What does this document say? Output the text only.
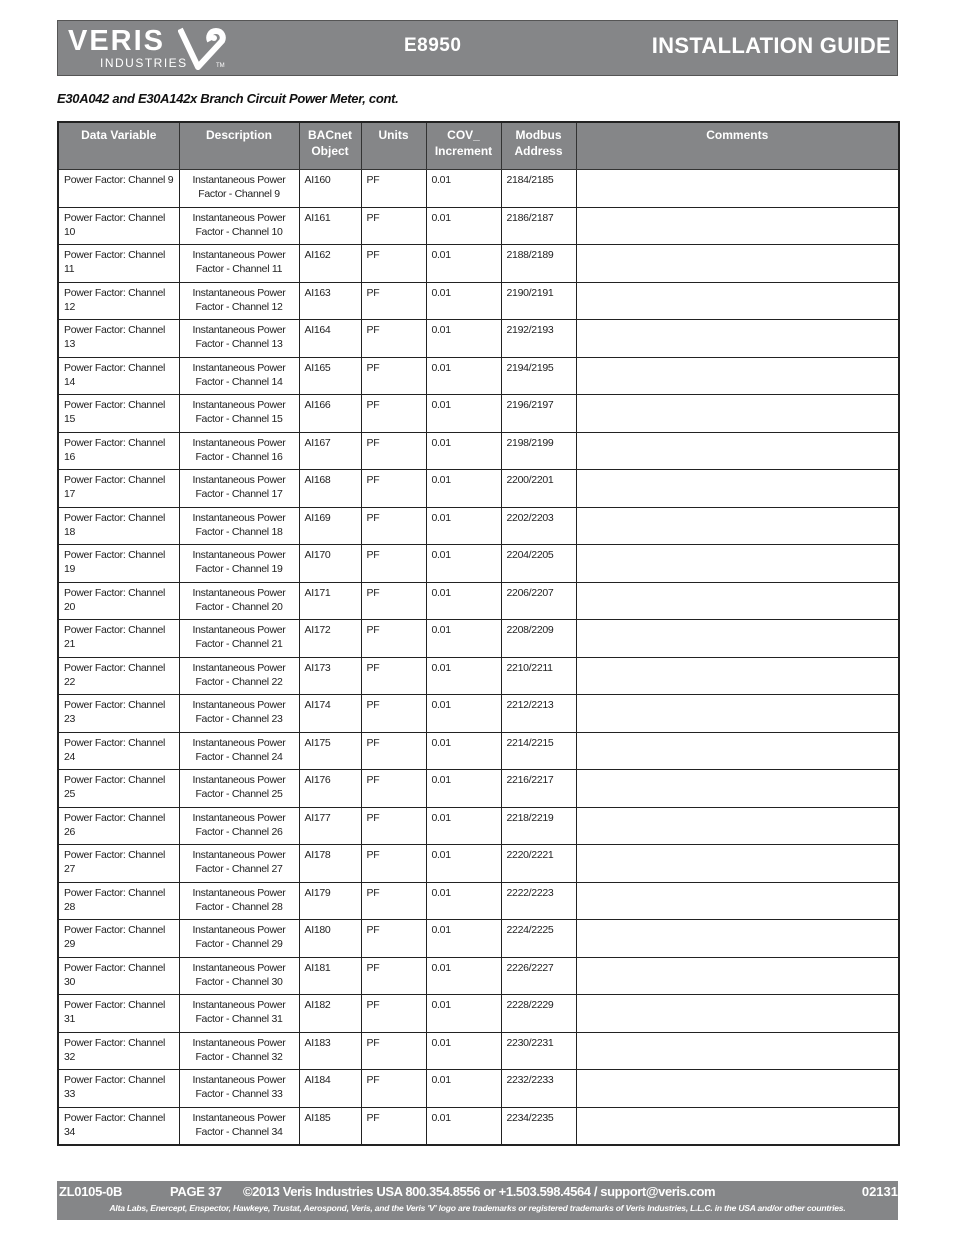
VERIS
INDUSTRIES	TM
E8950	INSTALLATION GUIDE
E30A042 and E30A142x Branch Circuit Power Meter, cont.
Data Variable	Description	BACnet Object	Units	COV_ Increment	Modbus Address	Comments
Power Factor: Channel 9	Instantaneous Power Factor - Channel 9	AI160	PF	0.01	2184/2185	
Power Factor: Channel 10	Instantaneous Power Factor - Channel 10	AI161	PF	0.01	2186/2187	
Power Factor: Channel 11	Instantaneous Power Factor - Channel 11	AI162	PF	0.01	2188/2189	
Power Factor: Channel 12	Instantaneous Power Factor - Channel 12	AI163	PF	0.01	2190/2191	
Power Factor: Channel 13	Instantaneous Power Factor - Channel 13	AI164	PF	0.01	2192/2193	
Power Factor: Channel 14	Instantaneous Power Factor - Channel 14	AI165	PF	0.01	2194/2195	
Power Factor: Channel 15	Instantaneous Power Factor - Channel 15	AI166	PF	0.01	2196/2197	
Power Factor: Channel 16	Instantaneous Power Factor - Channel 16	AI167	PF	0.01	2198/2199	
Power Factor: Channel 17	Instantaneous Power Factor - Channel 17	AI168	PF	0.01	2200/2201	
Power Factor: Channel 18	Instantaneous Power Factor - Channel 18	AI169	PF	0.01	2202/2203	
Power Factor: Channel 19	Instantaneous Power Factor - Channel 19	AI170	PF	0.01	2204/2205	
Power Factor: Channel 20	Instantaneous Power Factor - Channel 20	AI171	PF	0.01	2206/2207	
Power Factor: Channel 21	Instantaneous Power Factor - Channel 21	AI172	PF	0.01	2208/2209	
Power Factor: Channel 22	Instantaneous Power Factor - Channel 22	AI173	PF	0.01	2210/2211	
Power Factor: Channel 23	Instantaneous Power Factor - Channel 23	AI174	PF	0.01	2212/2213	
Power Factor: Channel 24	Instantaneous Power Factor - Channel 24	AI175	PF	0.01	2214/2215	
Power Factor: Channel 25	Instantaneous Power Factor - Channel 25	AI176	PF	0.01	2216/2217	
Power Factor: Channel 26	Instantaneous Power Factor - Channel 26	AI177	PF	0.01	2218/2219	
Power Factor: Channel 27	Instantaneous Power Factor - Channel 27	AI178	PF	0.01	2220/2221	
Power Factor: Channel 28	Instantaneous Power Factor - Channel 28	AI179	PF	0.01	2222/2223	
Power Factor: Channel 29	Instantaneous Power Factor - Channel 29	AI180	PF	0.01	2224/2225	
Power Factor: Channel 30	Instantaneous Power Factor - Channel 30	AI181	PF	0.01	2226/2227	
Power Factor: Channel 31	Instantaneous Power Factor - Channel 31	AI182	PF	0.01	2228/2229	
Power Factor: Channel 32	Instantaneous Power Factor - Channel 32	AI183	PF	0.01	2230/2231	
Power Factor: Channel 33	Instantaneous Power Factor - Channel 33	AI184	PF	0.01	2232/2233	
Power Factor: Channel 34	Instantaneous Power Factor - Channel 34	AI185	PF	0.01	2234/2235	
ZL0105-0B	PAGE 37 ©2013 Veris Industries USA 800.354.8556 or +1.503.598.4564 / support@veris.com	02131
Alta Labs, Enercept, Enspector, Hawkeye, Trustat, Aerospond, Veris, and the Veris 'V' logo are trademarks or registered trademarks of Veris Industries, L.L.C. in the USA and/or other countries.
